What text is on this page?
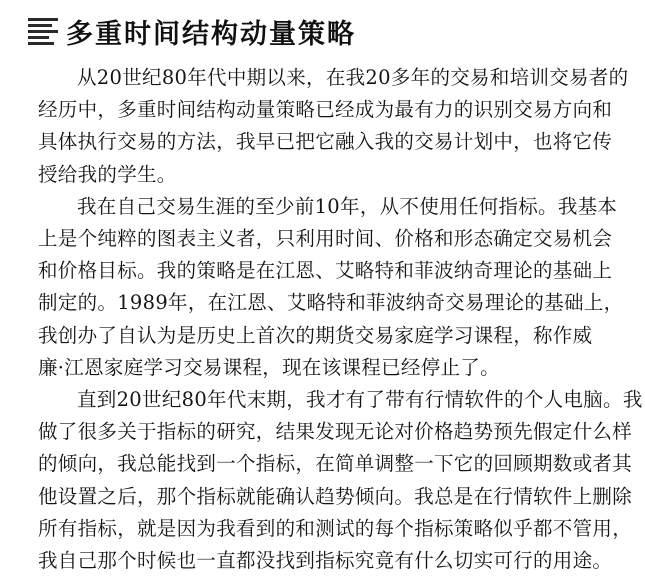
多重时间结构动量策略

从20世纪80年代中期以来，在我20多年的交易和培训交易者的
经历中，多重时间结构动量策略已经成为最有力的识别交易方向和
具体执行交易的方法，我早已把它融入我的交易计划中，也将它传
授给我的学生。

我在自己交易生涯的至少前10年，从不使用任何指标。我基本
上是个纯粹的图表主义者，只利用时间、价格和形态确定交易机会
和价格目标。我的策略是在江恩、艾略特和菲波纳奇理论的基础上
制定的。1989年，在江恩、艾略特和菲波纳奇交易理论的基础上，
我创办了自认为是历史上首次的期货交易家庭学习课程，称作威
廉·江恩家庭学习交易课程，现在该课程已经停止了。

直到20世纪80年代末期，我才有了带有行情软件的个人电脑。我
做了很多关于指标的研究，结果发现无论对价格趋势预先假定什么样
的倾向，我总能找到一个指标，在简单调整一下它的回顾期数或者其
他设置之后，那个指标就能确认趋势倾向。我总是在行情软件上删除
所有指标，就是因为我看到的和测试的每个指标策略似乎都不管用，
我自己那个时候也一直都没找到指标究竟有什么切实可行的用途。
